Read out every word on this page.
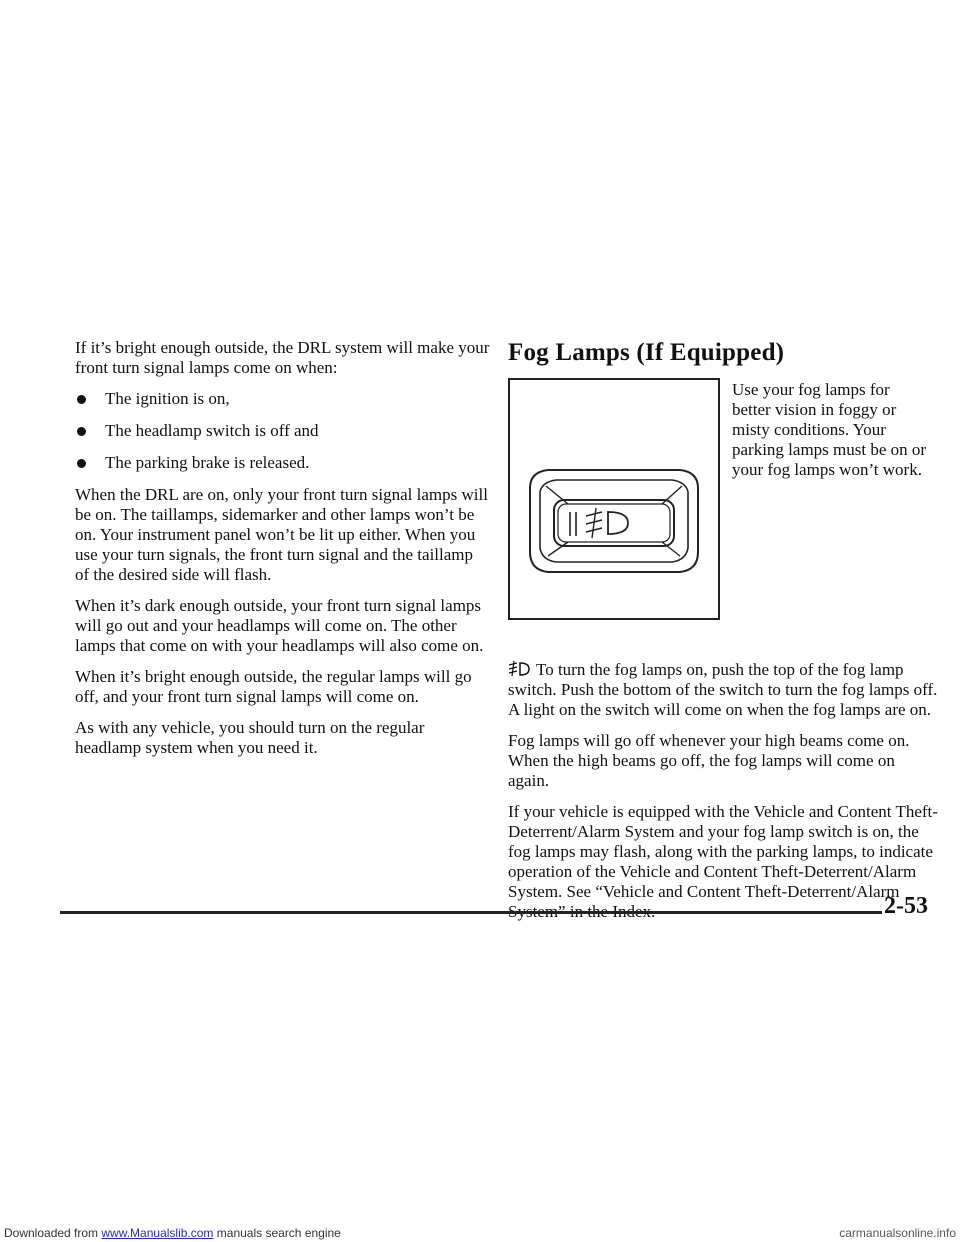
If it’s bright enough outside, the DRL system will make your front turn signal lamps come on when:

The ignition is on,
The headlamp switch is off and
The parking brake is released.

When the DRL are on, only your front turn signal lamps will be on. The taillamps, sidemarker and other lamps won’t be on. Your instrument panel won’t be lit up either. When you use your turn signals, the front turn signal and the taillamp of the desired side will flash.

When it’s dark enough outside, your front turn signal lamps will go out and your headlamps will come on. The other lamps that come on with your headlamps will also come on.

When it’s bright enough outside, the regular lamps will go off, and your front turn signal lamps will come on.

As with any vehicle, you should turn on the regular headlamp system when you need it.

Fog Lamps (If Equipped)
Use your fog lamps for better vision in foggy or misty conditions. Your parking lamps must be on or your fog lamps won’t work.

To turn the fog lamps on, push the top of the fog lamp switch. Push the bottom of the switch to turn the fog lamps off. A light on the switch will come on when the fog lamps are on.

Fog lamps will go off whenever your high beams come on. When the high beams go off, the fog lamps will come on again.

If your vehicle is equipped with the Vehicle and Content Theft-Deterrent/Alarm System and your fog lamp switch is on, the fog lamps may flash, along with the parking lamps, to indicate operation of the Vehicle and Content Theft-Deterrent/Alarm System. See “Vehicle and Content Theft-Deterrent/Alarm

2-53
Downloaded from www.Manualslib.com manuals search engine	carmanualsonline.info
